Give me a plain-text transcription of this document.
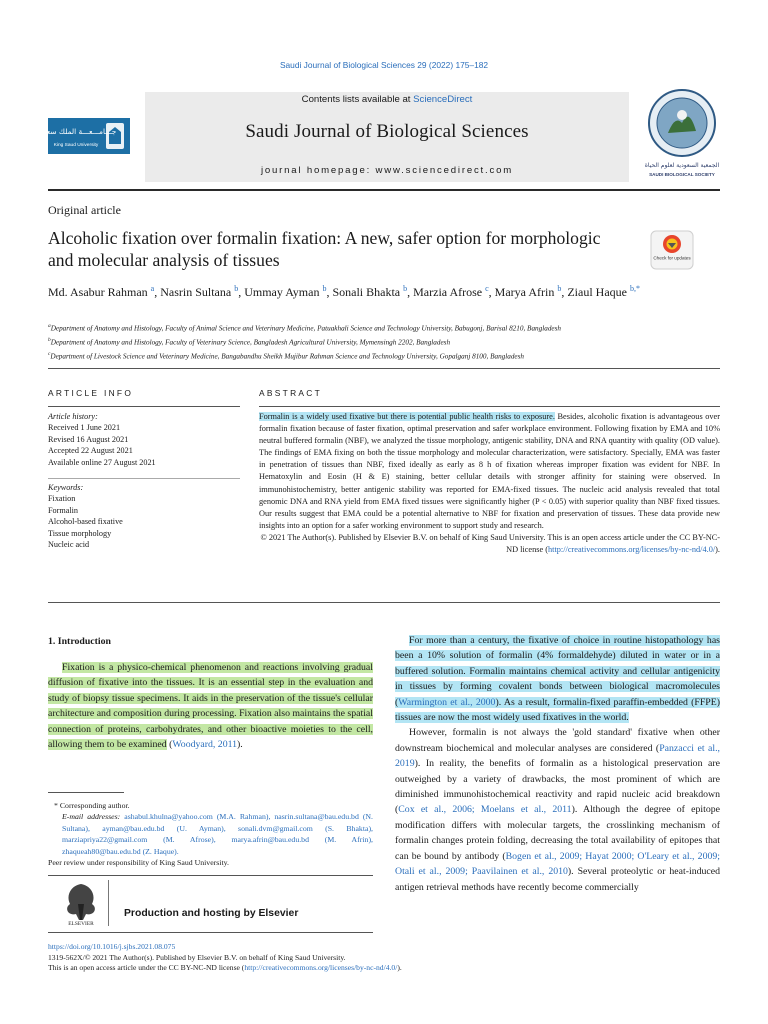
Saudi Journal of Biological Sciences 29 (2022) 175–182
Contents lists available at ScienceDirect
Saudi Journal of Biological Sciences
journal homepage: www.sciencedirect.com
جـــامـــعـــة الملك سعود
King Saud University
الجمعية السعودية لعلوم الحياة
SAUDI BIOLOGICAL SOCIETY
Original article
Alcoholic fixation over formalin fixation: A new, safer option for morphologic and molecular analysis of tissues	Check for updates
Md. Asabur Rahman $^a$, Nasrin Sultana $^b$, Ummay Ayman $^b$, Sonali Bhakta $^b$, Marzia Afrose $^c$, Marya Afrin $^b$, Ziaul Haque $^{b,*}$
$^a$Department of Anatomy and Histology, Faculty of Animal Science and Veterinary Medicine, Patuakhali Science and Technology University, Babugonj, Barisal 8210, Bangladesh
$^b$Department of Anatomy and Histology, Faculty of Veterinary Science, Bangladesh Agricultural University, Mymensingh 2202, Bangladesh
$^c$Department of Livestock Science and Veterinary Medicine, Bangabandhu Sheikh Mujibur Rahman Science and Technology University, Gopalganj 8100, Bangladesh
ARTICLE INFO
Article history:
Received 1 June 2021
Revised 16 August 2021
Accepted 22 August 2021
Available online 27 August 2021
Keywords:
Fixation
Formalin
Alcohol-based fixative
Tissue morphology
Nucleic acid
ABSTRACT
Formalin is a widely used fixative but there is potential public health risks to exposure. Besides, alcoholic fixation is advantageous over formalin fixation because of faster fixation, optimal preservation and safer workplace environment. Following fixation by EMA and 10% neutral buffered formalin (NBF), we analyzed the tissue morphology, antigenic stability, DNA and RNA quantity with quality (OD value). The findings of EMA fixing on both the tissue morphology and molecular characterization, were satisfactory. Specially, EMA was faster in penetration of tissues than NBF, fixed ideally as early as 8 h of fixation whereas improper fixation was evident for NBF. In Hematoxylin and Eosin (H & E) staining, better cellular details with stronger affinity for staining were observed. In immunohistochemistry, better antigenic stability was reported for EMA-fixed tissues. The nucleic acid analysis revealed that total genomic DNA and RNA yield from EMA fixed tissues were significantly higher (P < 0.05) with superior quality than NBF fixed tissues. Our results suggest that EMA could be a potential alternative to NBF for fixation and preservation of tissues. These data provide new insights into an option for a safer working environment to support study and research.
© 2021 The Author(s). Published by Elsevier B.V. on behalf of King Saud University. This is an open access article under the CC BY-NC-ND license (http://creativecommons.org/licenses/by-nc-nd/4.0/).
1. Introduction

Fixation is a physico-chemical phenomenon and reactions involving gradual diffusion of fixative into the tissues. It is an essential step in the evaluation and study of biopsy tissue specimens. It aids in the preservation of the tissue's cellular architecture and composition during processing. Fixation also maintains the spatial connection of proteins, carbohydrates, and other bioactive moieties to the cell, allowing them to be examined (Woodyard, 2011).

For more than a century, the fixative of choice in routine histopathology has been a 10% solution of formalin (4% formaldehyde) diluted in water or in a buffered solution. Formalin maintains chemical activity and cellular antigenicity in tissues by forming covalent bonds between biological macromolecules (Warmington et al., 2000). As a result, formalin-fixed paraffin-embedded (FFPE) tissues are now the most widely used fixatives in the world.

However, formalin is not always the 'gold standard' fixative when other downstream biochemical and molecular analyses are considered (Panzacci et al., 2019). In reality, the benefits of formalin as a histological preservation are outweighed by a variety of drawbacks, the most prominent of which are diminished immunohistochemical reactivity and rapid nucleic acid breakdown (Cox et al., 2006; Moelans et al., 2011). Although the degree of epitope modification differs with molecular targets, the crosslinking mechanism of formalin changes protein folding, decreasing the total availability of epitopes that can be bound by antibody (Bogen et al., 2009; Hayat 2000; O'Leary et al., 2009; Otali et al., 2009; Paavilainen et al., 2010). Several proteolytic or heat-induced antigen retrieval methods have recently become commercially

* Corresponding author.
E-mail addresses: ashabul.khulna@yahoo.com (M.A. Rahman), nasrin.sultana@bau.edu.bd (N. Sultana), ayman@bau.edu.bd (U. Ayman), sonali.dvm@gmail.com (S. Bhakta), marziapriya22@gmail.com (M. Afrose), marya.afrin@bau.edu.bd (M. Afrin), zhaqueah80@bau.edu.bd (Z. Haque).
Peer review under responsibility of King Saud University.
ELSEVIER
Production and hosting by Elsevier
https://doi.org/10.1016/j.sjbs.2021.08.075
1319-562X/© 2021 The Author(s). Published by Elsevier B.V. on behalf of King Saud University.
This is an open access article under the CC BY-NC-ND license (http://creativecommons.org/licenses/by-nc-nd/4.0/).
